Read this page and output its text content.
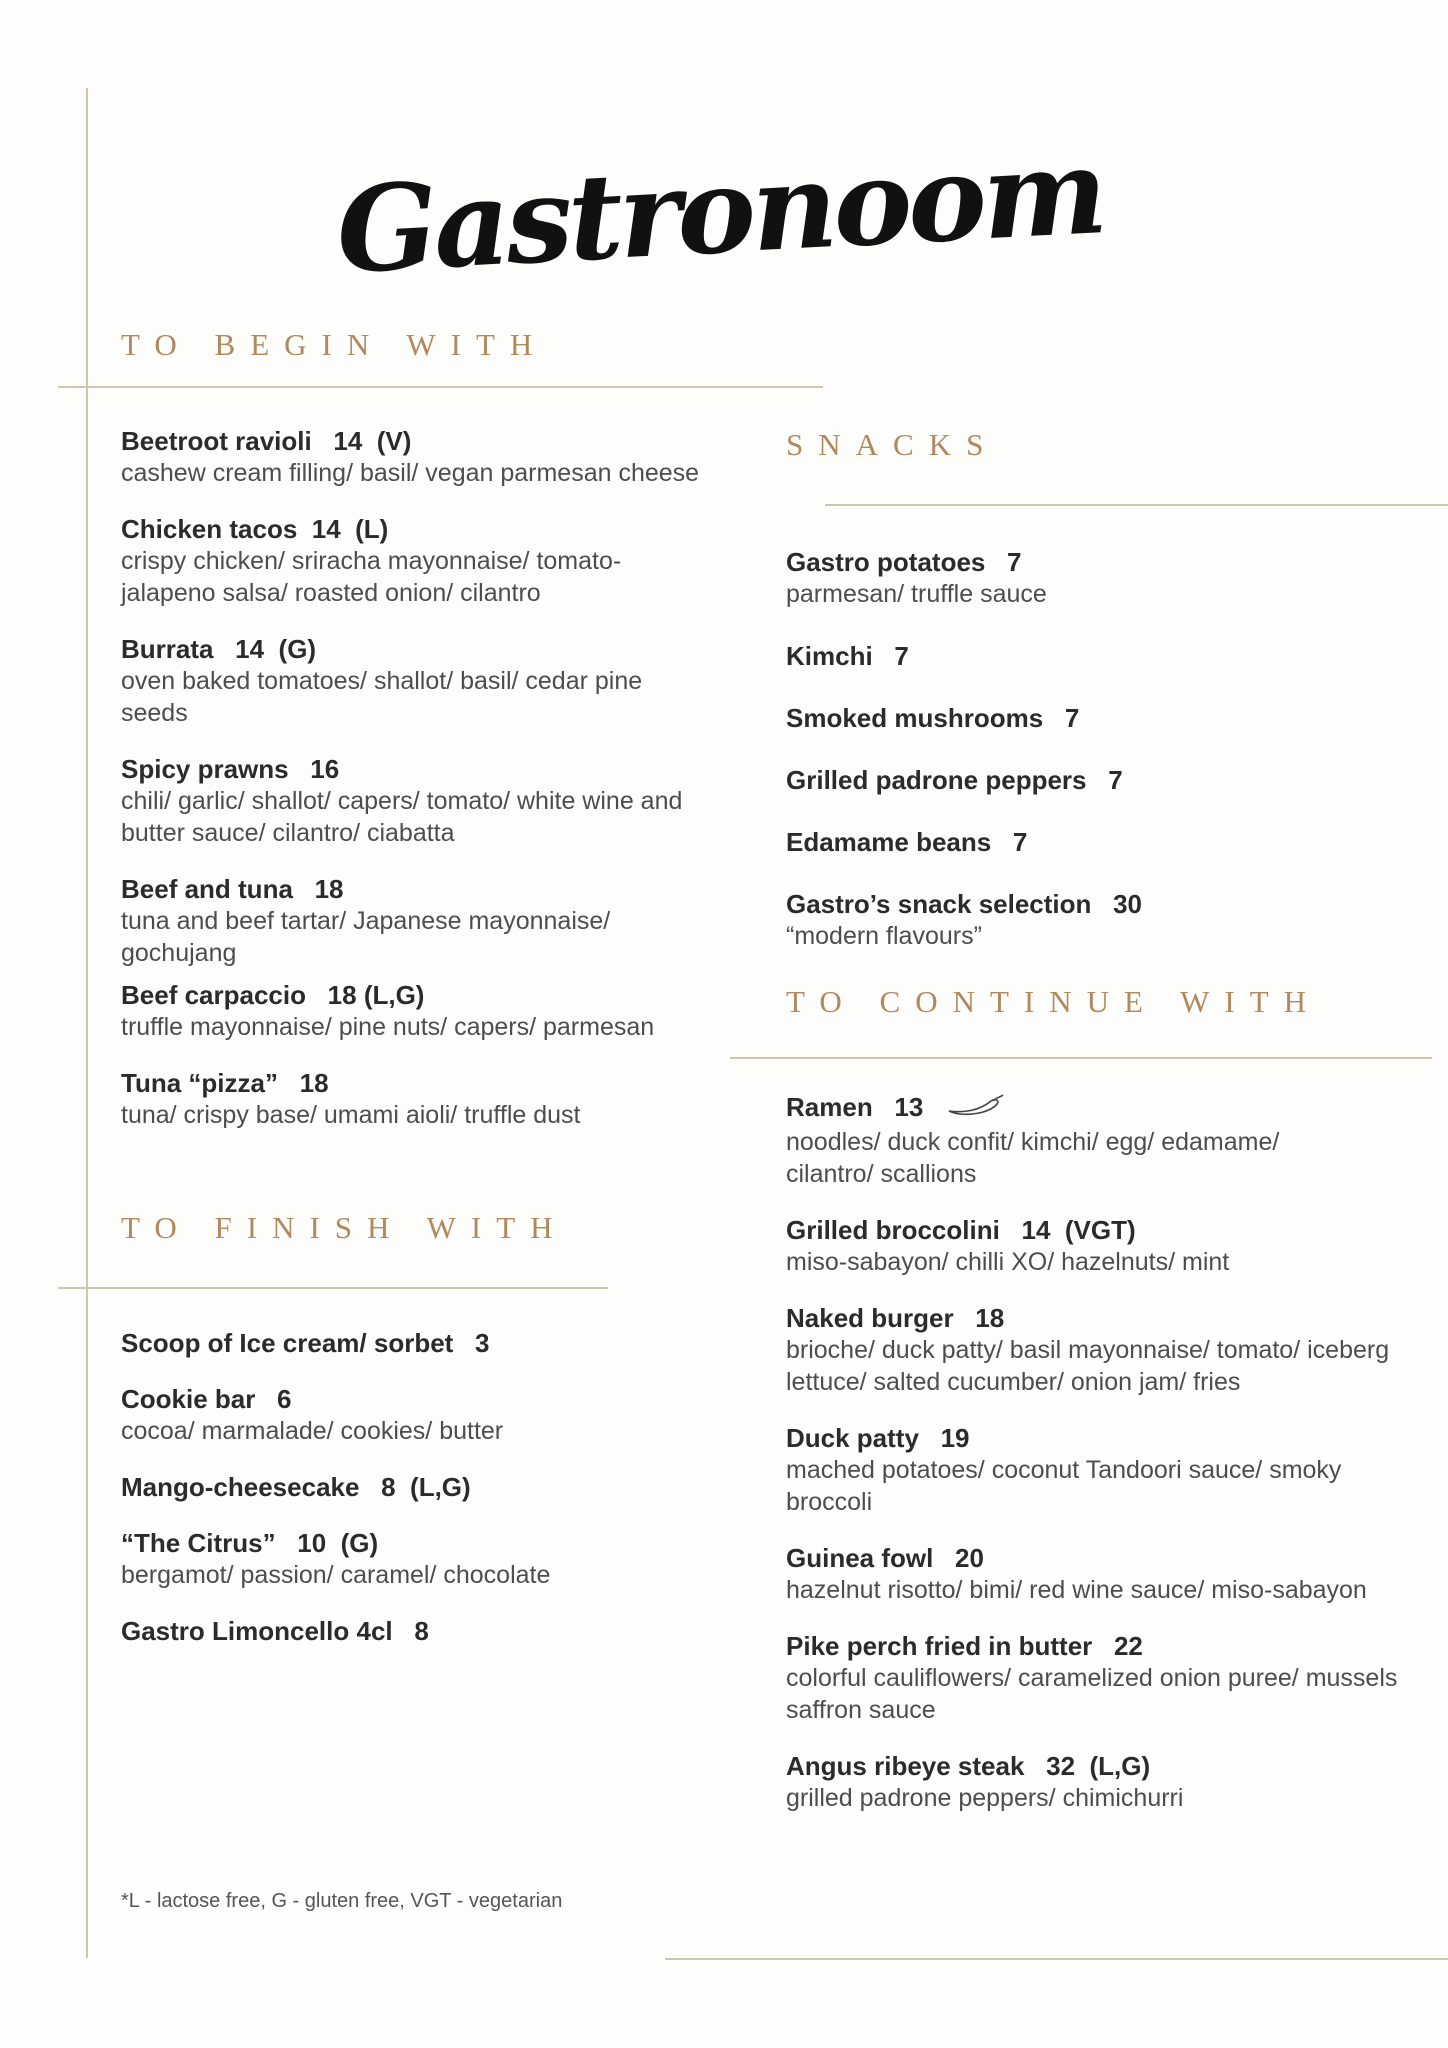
Gastronoom
TO BEGIN WITH
SNACKS
TO CONTINUE WITH
TO FINISH WITH
Beetroot ravioli 14 (V)
cashew cream filling/ basil/ vegan parmesan cheese
Chicken tacos 14 (L)
crispy chicken/ sriracha mayonnaise/ tomato-jalapeno salsa/ roasted onion/ cilantro
Burrata 14 (G)
oven baked tomatoes/ shallot/ basil/ cedar pine seeds
Spicy prawns 16
chili/ garlic/ shallot/ capers/ tomato/ white wine and butter sauce/ cilantro/ ciabatta
Beef and tuna 18
tuna and beef tartar/ Japanese mayonnaise/ gochujang
Beef carpaccio 18 (L,G)
truffle mayonnaise/ pine nuts/ capers/ parmesan
Tuna “pizza” 18
tuna/ crispy base/ umami aioli/ truffle dust
Scoop of Ice cream/ sorbet 3
Cookie bar 6
cocoa/ marmalade/ cookies/ butter
Mango-cheesecake 8 (L,G)
“The Citrus” 10 (G)
bergamot/ passion/ caramel/ chocolate
Gastro Limoncello 4cl 8
Gastro potatoes 7
parmesan/ truffle sauce
Kimchi 7
Smoked mushrooms 7
Grilled padrone peppers 7
Edamame beans 7
Gastro’s snack selection 30
“modern flavours”
Ramen 13
noodles/ duck confit/ kimchi/ egg/ edamame/ cilantro/ scallions
Grilled broccolini 14 (VGT)
miso-sabayon/ chilli XO/ hazelnuts/ mint
Naked burger 18
brioche/ duck patty/ basil mayonnaise/ tomato/ iceberg lettuce/ salted cucumber/ onion jam/ fries
Duck patty 19
mached potatoes/ coconut Tandoori sauce/ smoky broccoli
Guinea fowl 20
hazelnut risotto/ bimi/ red wine sauce/ miso-sabayon
Pike perch fried in butter 22
colorful cauliflowers/ caramelized onion puree/ mussels saffron sauce
Angus ribeye steak 32 (L,G)
grilled padrone peppers/ chimichurri
*L - lactose free, G - gluten free, VGT - vegetarian
